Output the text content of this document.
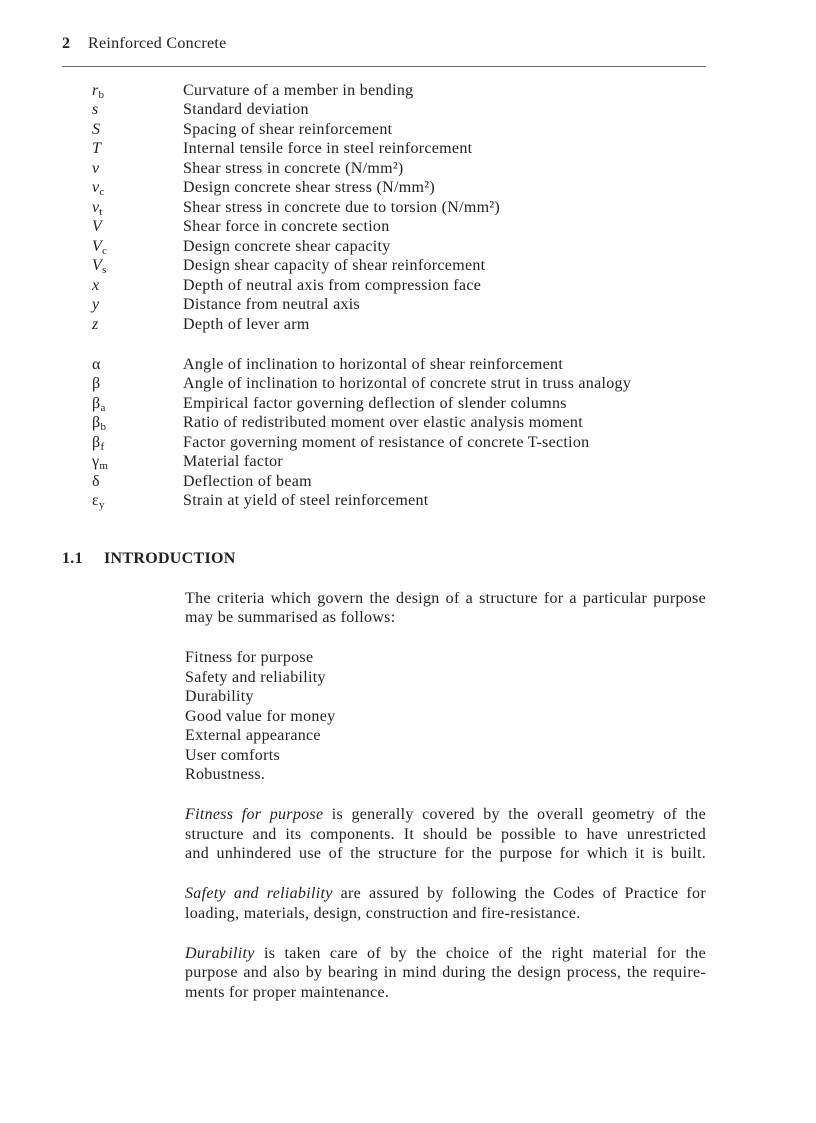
2 Reinforced Concrete
$r_b$	Curvature of a member in bending
s	Standard deviation
S	Spacing of shear reinforcement
T	Internal tensile force in steel reinforcement
v	Shear stress in concrete (N/mm²)
$v_c$	Design concrete shear stress (N/mm²)
$v_t$	Shear stress in concrete due to torsion (N/mm²)
V	Shear force in concrete section
$V_c$	Design concrete shear capacity
$V_s$	Design shear capacity of shear reinforcement
x	Depth of neutral axis from compression face
y	Distance from neutral axis
z	Depth of lever arm
α	Angle of inclination to horizontal of shear reinforcement
β	Angle of inclination to horizontal of concrete strut in truss analogy
$\beta_a$	Empirical factor governing deflection of slender columns
$\beta_b$	Ratio of redistributed moment over elastic analysis moment
$\beta_f$	Factor governing moment of resistance of concrete T-section
$\gamma_m$	Material factor
δ	Deflection of beam
$\varepsilon_y$	Strain at yield of steel reinforcement
1.1 INTRODUCTION
The criteria which govern the design of a structure for a particular purpose
may be summarised as follows:
Fitness for purpose
Safety and reliability
Durability
Good value for money
External appearance
User comforts
Robustness.
Fitness for purpose is generally covered by the overall geometry of the
structure and its components. It should be possible to have unrestricted
and unhindered use of the structure for the purpose for which it is built.
Safety and reliability are assured by following the Codes of Practice for
loading, materials, design, construction and fire-resistance.
Durability is taken care of by the choice of the right material for the
purpose and also by bearing in mind during the design process, the require-
ments for proper maintenance.
